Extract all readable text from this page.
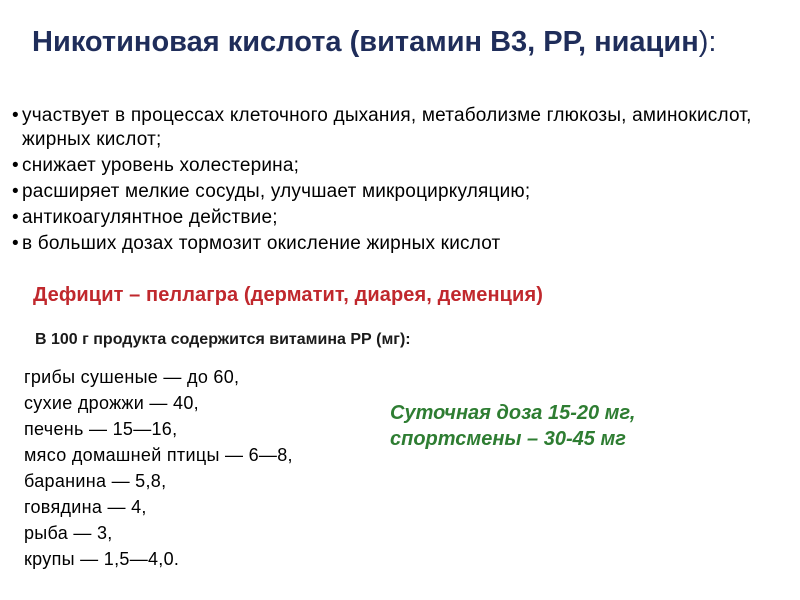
Никотиновая кислота (витамин В3, РР, ниацин):
• участвует в процессах клеточного дыхания, метаболизме глюкозы, аминокислот, жирных кислот;
• снижает уровень холестерина;
• расширяет мелкие сосуды, улучшает микроциркуляцию;
• антикоагулянтное действие;
• в больших дозах тормозит окисление жирных кислот

Дефицит – пеллагра (дерматит, диарея, деменция)

В 100 г продукта содержится витамина РР (мг):

грибы сушеные — до 60,
сухие дрожжи — 40,
печень — 15—16,
мясо домашней птицы — 6—8,
баранина — 5,8,
говядина — 4,
рыба — 3,
крупы — 1,5—4,0.

Суточная доза 15-20 мг,
спортсмены – 30-45 мг
